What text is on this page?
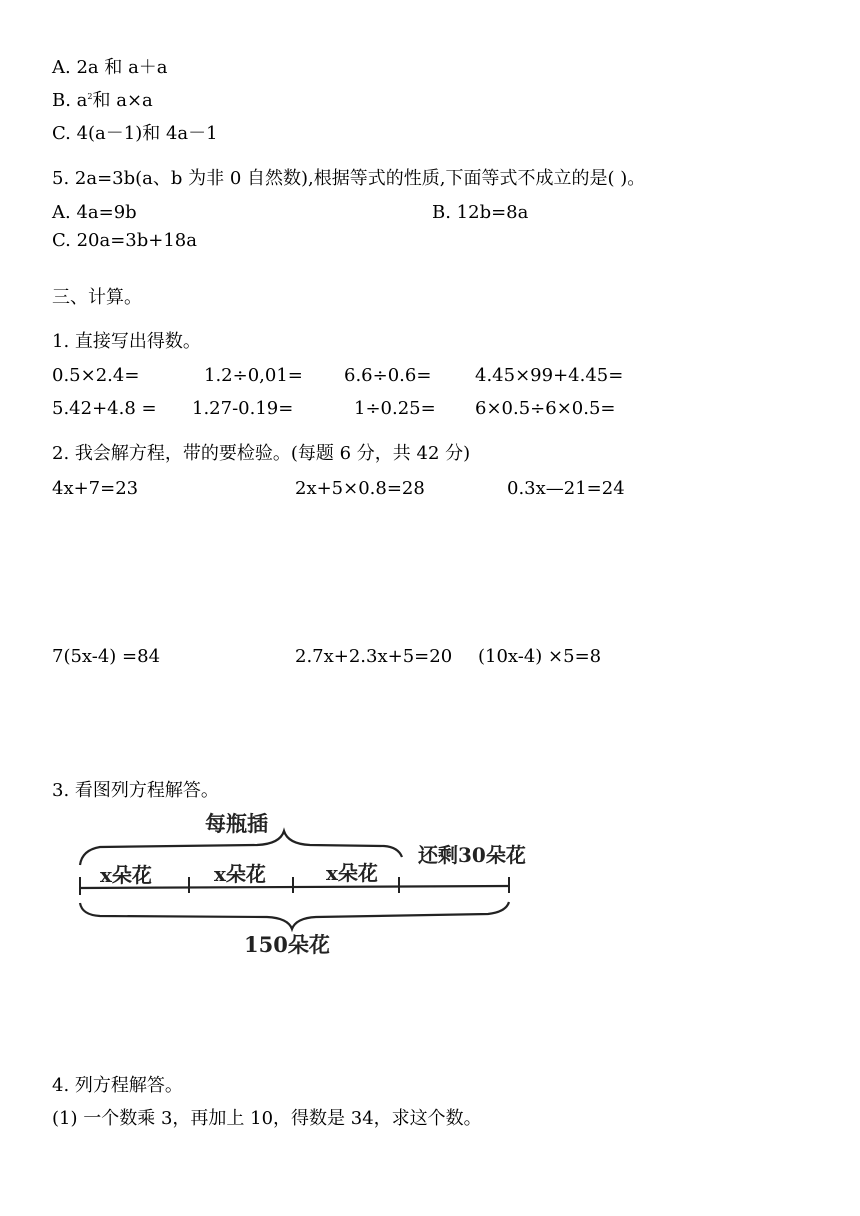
A. 2a 和 a＋a
B. $a^2$和 a×a
C. 4(a－1)和 4a－1
5. 2a=3b(a、b 为非 0 自然数),根据等式的性质,下面等式不成立的是( )。
A. 4a=9b	B. 12b=8a
C. 20a=3b+18a
三、计算。
1. 直接写出得数。
0.5×2.4=	1.2÷0,01= 6.6÷0.6= 4.45×99+4.45=
5.42+4.8 = 1.27-0.19=	1÷0.25= 6×0.5÷6×0.5=
2. 我会解方程，带的要检验。(每题 6 分，共 42 分)
4x+7=23	2x+5×0.8=28	0.3x—21=24
7(5x-4) =84	2.7x+2.3x+5=20 (10x-4) ×5=8
3. 看图列方程解答。
每瓶插
x朵花	x朵花	x朵花
还剩30朵花
150朵花
4. 列方程解答。
(1) 一个数乘 3，再加上 10，得数是 34，求这个数。
